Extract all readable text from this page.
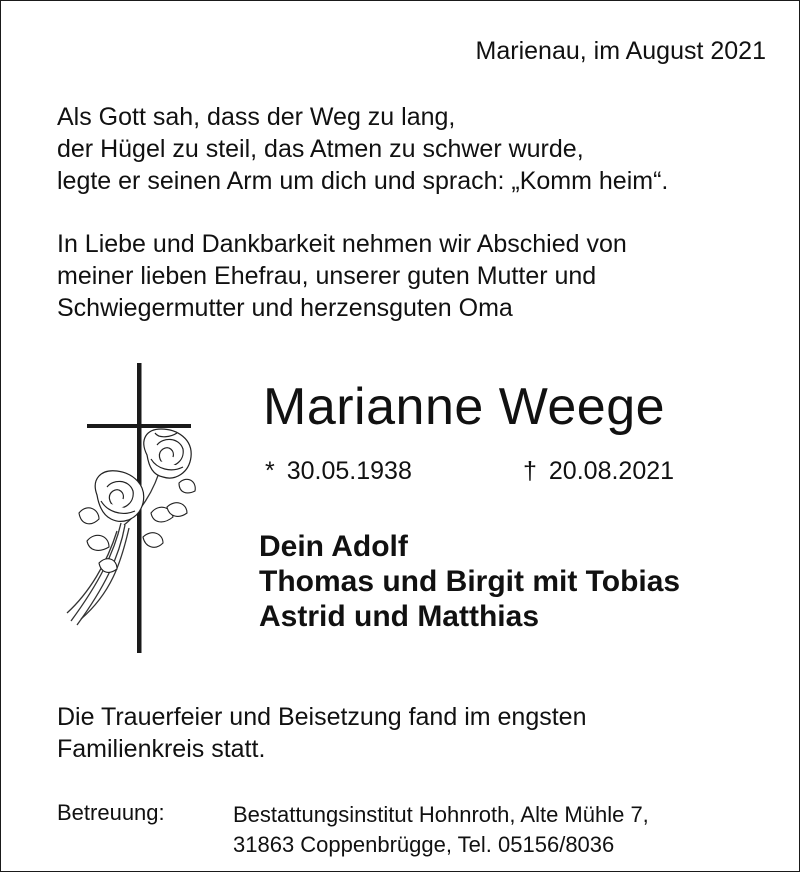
Marienau, im August 2021
Als Gott sah, dass der Weg zu lang,
der Hügel zu steil, das Atmen zu schwer wurde,
legte er seinen Arm um dich und sprach: „Komm heim“.
In Liebe und Dankbarkeit nehmen wir Abschied von
meiner lieben Ehefrau, unserer guten Mutter und
Schwiegermutter und herzensguten Oma
Marianne Weege
* 30.05.1938	† 20.08.2021
Dein Adolf
Thomas und Birgit mit Tobias
Astrid und Matthias
Die Trauerfeier und Beisetzung fand im engsten
Familienkreis statt.
Betreuung:	Bestattungsinstitut Hohnroth, Alte Mühle 7,
31863 Coppenbrügge, Tel. 05156/8036
